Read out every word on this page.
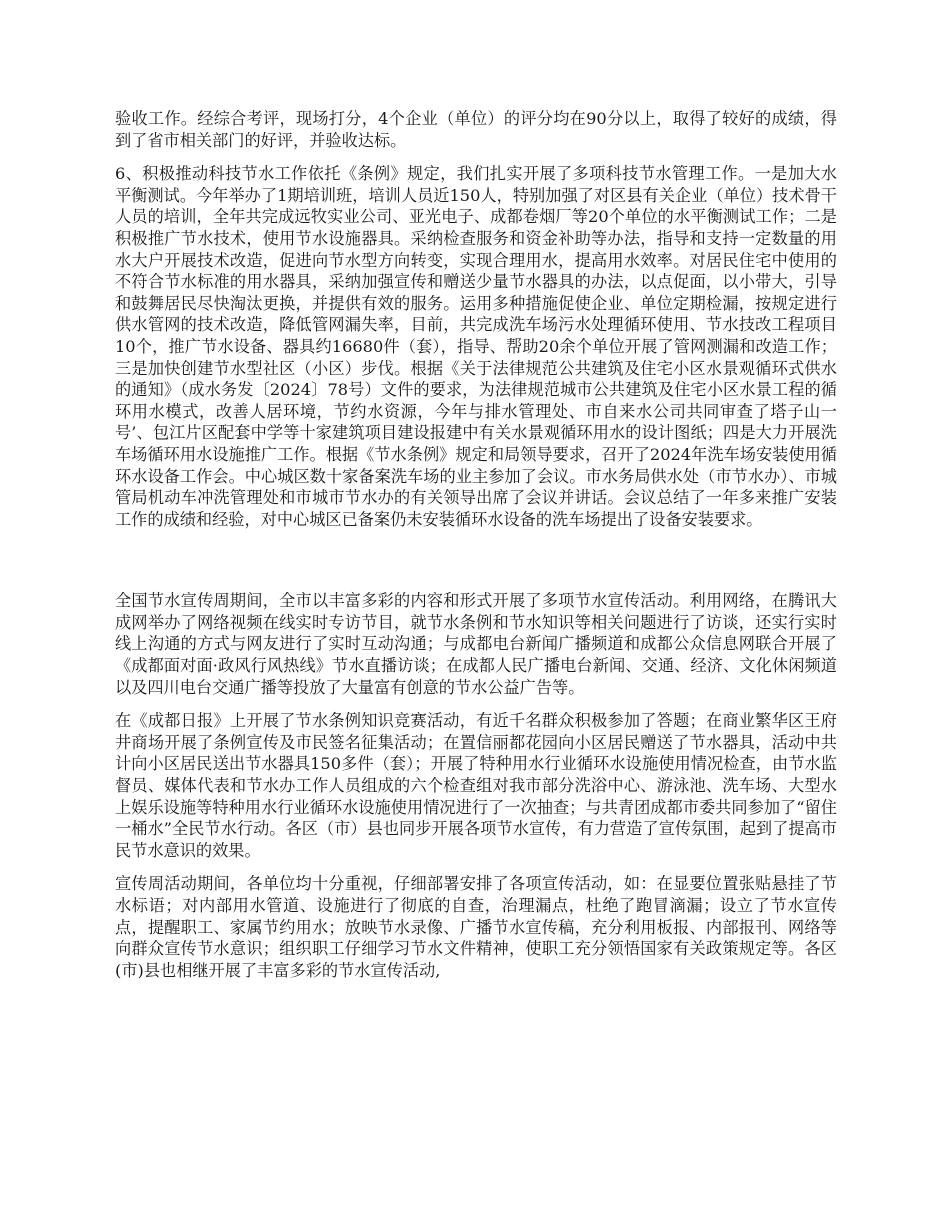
验收工作。经综合考评，现场打分，4个企业（单位）的评分均在90分以上，取得了较好的成绩，得到了省市相关部门的好评，并验收达标。

6、积极推动科技节水工作依托《条例》规定，我们扎实开展了多项科技节水管理工作。一是加大水平衡测试。今年举办了1期培训班，培训人员近150人，特别加强了对区县有关企业（单位）技术骨干人员的培训，全年共完成远牧实业公司、亚光电子、成都卷烟厂等20个单位的水平衡测试工作；二是积极推广节水技术，使用节水设施器具。采纳检查服务和资金补助等办法，指导和支持一定数量的用水大户开展技术改造，促进向节水型方向转变，实现合理用水，提高用水效率。对居民住宅中使用的不符合节水标准的用水器具，采纳加强宣传和赠送少量节水器具的办法，以点促面，以小带大，引导和鼓舞居民尽快淘汰更换，并提供有效的服务。运用多种措施促使企业、单位定期检漏，按规定进行供水管网的技术改造，降低管网漏失率，目前，共完成洗车场污水处理循环使用、节水技改工程项目10个，推广节水设备、器具约16680件（套），指导、帮助20余个单位开展了管网测漏和改造工作；三是加快创建节水型社区（小区）步伐。根据《关于法律规范公共建筑及住宅小区水景观循环式供水的通知》（成水务发〔2024〕78号）文件的要求，为法律规范城市公共建筑及住宅小区水景工程的循环用水模式，改善人居环境，节约水资源，今年与排水管理处、市自来水公司共同审查了塔子山一号’、包江片区配套中学等十家建筑项目建设报建中有关水景观循环用水的设计图纸；四是大力开展洗车场循环用水设施推广工作。根据《节水条例》规定和局领导要求，召开了2024年洗车场安装使用循环水设备工作会。中心城区数十家备案洗车场的业主参加了会议。市水务局供水处（市节水办）、市城管局机动车冲洗管理处和市城市节水办的有关领导出席了会议并讲话。会议总结了一年多来推广安装工作的成绩和经验，对中心城区已备案仍未安装循环水设备的洗车场提出了设备安装要求。

全国节水宣传周期间，全市以丰富多彩的内容和形式开展了多项节水宣传活动。利用网络，在腾讯大成网举办了网络视频在线实时专访节目，就节水条例和节水知识等相关问题进行了访谈，还实行实时线上沟通的方式与网友进行了实时互动沟通；与成都电台新闻广播频道和成都公众信息网联合开展了《成都面对面·政风行风热线》节水直播访谈；在成都人民广播电台新闻、交通、经济、文化休闲频道以及四川电台交通广播等投放了大量富有创意的节水公益广告等。

在《成都日报》上开展了节水条例知识竞赛活动，有近千名群众积极参加了答题；在商业繁华区王府井商场开展了条例宣传及市民签名征集活动；在置信丽都花园向小区居民赠送了节水器具，活动中共计向小区居民送出节水器具150多件（套）；开展了特种用水行业循环水设施使用情况检查，由节水监督员、媒体代表和节水办工作人员组成的六个检查组对我市部分洗浴中心、游泳池、洗车场、大型水上娱乐设施等特种用水行业循环水设施使用情况进行了一次抽查；与共青团成都市委共同参加了“留住一桶水”全民节水行动。各区（市）县也同步开展各项节水宣传，有力营造了宣传氛围，起到了提高市民节水意识的效果。

宣传周活动期间，各单位均十分重视，仔细部署安排了各项宣传活动，如：在显要位置张贴悬挂了节水标语；对内部用水管道、设施进行了彻底的自查，治理漏点，杜绝了跑冒滴漏；设立了节水宣传点，提醒职工、家属节约用水；放映节水录像、广播节水宣传稿，充分利用板报、内部报刊、网络等向群众宣传节水意识；组织职工仔细学习节水文件精神，使职工充分领悟国家有关政策规定等。各区(市)县也相继开展了丰富多彩的节水宣传活动,
